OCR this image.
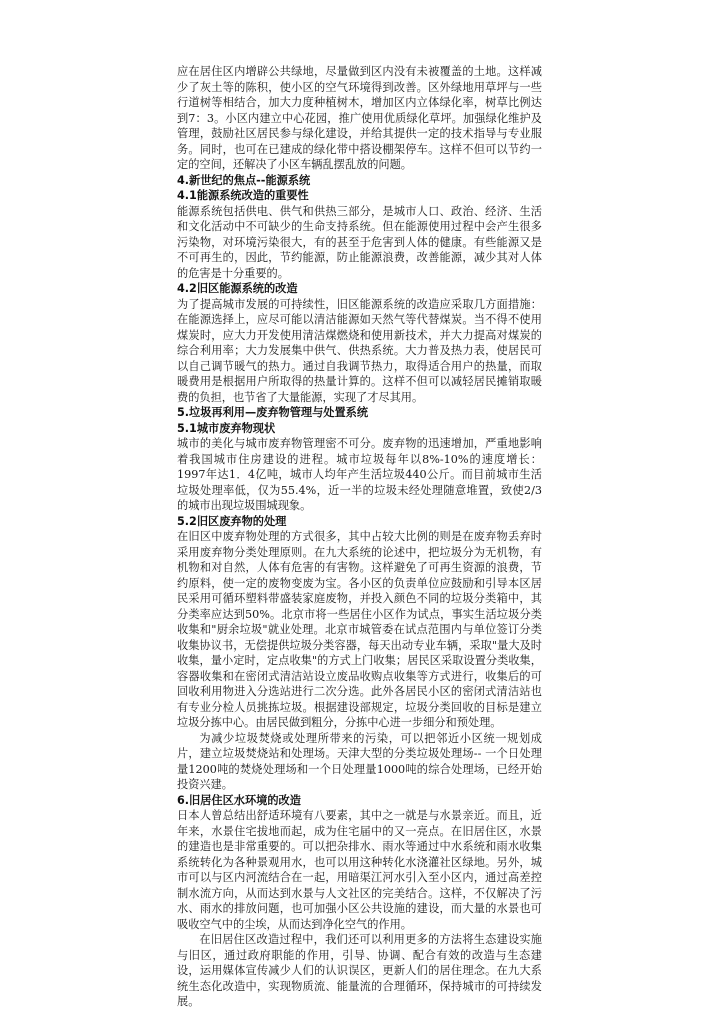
应在居住区内增辟公共绿地，尽量做到区内没有未被覆盖的土地。这样减少了灰土等的陈积，使小区的空气环境得到改善。区外绿地用草坪与一些行道树等相结合，加大力度种植树木，增加区内立体绿化率，树草比例达到7：3。小区内建立中心花园，推广使用优质绿化草坪。加强绿化维护及管理，鼓励社区居民参与绿化建设，并给其提供一定的技术指导与专业服务。同时，也可在已建成的绿化带中搭设棚架停车。这样不但可以节约一定的空间，还解决了小区车辆乱摆乱放的问题。

4.新世纪的焦点--能源系统
4.1能源系统改造的重要性

能源系统包括供电、供气和供热三部分，是城市人口、政治、经济、生活和文化活动中不可缺少的生命支持系统。但在能源使用过程中会产生很多污染物，对环境污染很大，有的甚至于危害到人体的健康。有些能源又是不可再生的，因此，节约能源，防止能源浪费，改善能源，减少其对人体的危害是十分重要的。

4.2旧区能源系统的改造

为了提高城市发展的可持续性，旧区能源系统的改造应采取几方面措施：在能源选择上，应尽可能以清洁能源如天然气等代替煤炭。当不得不使用煤炭时，应大力开发使用清洁煤燃烧和使用新技术，并大力提高对煤炭的综合利用率；大力发展集中供气、供热系统。大力普及热力表，使居民可以自己调节暖气的热力。通过自我调节热力，取得适合用户的热量，而取暖费用是根据用户所取得的热量计算的。这样不但可以减轻居民摊销取暖费的负担，也节省了大量能源，实现了才尽其用。

5.垃圾再利用—废弃物管理与处置系统
5.1城市废弃物现状

城市的美化与城市废弃物管理密不可分。废弃物的迅速增加，严重地影响着我国城市住房建设的进程。城市垃圾每年以8%-10%的速度增长：1997年达1．4亿吨，城市人均年产生活垃圾440公斤。而目前城市生活垃圾处理率低，仅为55.4%，近一半的垃圾未经处理随意堆置，致使2/3的城市出现垃圾围城现象。

5.2旧区废弃物的处理

在旧区中废弃物处理的方式很多，其中占较大比例的则是在废弃物丢弃时采用废弃物分类处理原则。在九大系统的论述中，把垃圾分为无机物，有机物和对自然，人体有危害的有害物。这样避免了可再生资源的浪费，节约原料，使一定的废物变废为宝。各小区的负责单位应鼓励和引导本区居民采用可循环塑料带盛装家庭废物，并投入颜色不同的垃圾分类箱中，其分类率应达到50%。北京市将一些居住小区作为试点，事实生活垃圾分类收集和"厨余垃圾"就业处理。北京市城管委在试点范围内与单位签订分类收集协议书，无偿提供垃圾分类容器，每天出动专业车辆，采取"量大及时收集，量小定时，定点收集"的方式上门收集；居民区采取设置分类收集，容器收集和在密闭式清洁站设立废品收购点收集等方式进行，收集后的可回收利用物进入分选站进行二次分选。此外各居民小区的密闭式清洁站也有专业分检人员挑拣垃圾。根据建设部规定，垃圾分类回收的目标是建立垃圾分拣中心。由居民做到粗分，分拣中心进一步细分和预处理。

为减少垃圾焚烧或处理所带来的污染，可以把邻近小区统一规划成片，建立垃圾焚烧站和处理场。天津大型的分类垃圾处理场-- 一个日处理量1200吨的焚烧处理场和一个日处理量1000吨的综合处理场，已经开始投资兴建。

6.旧居住区水环境的改造

日本人曾总结出舒适环境有八要素，其中之一就是与水景亲近。而且，近年来，水景住宅拔地而起，成为住宅届中的又一亮点。在旧居住区，水景的建造也是非常重要的。可以把杂排水、雨水等通过中水系统和雨水收集系统转化为各种景观用水，也可以用这种转化水浇灌社区绿地。另外，城市可以与区内河流结合在一起，用暗渠江河水引入至小区内，通过高差控制水流方向，从而达到水景与人文社区的完美结合。这样，不仅解决了污水、雨水的排放问题，也可加强小区公共设施的建设，而大量的水景也可吸收空气中的尘埃，从而达到净化空气的作用。

在旧居住区改造过程中，我们还可以利用更多的方法将生态建设实施与旧区，通过政府职能的作用，引导、协调、配合有效的改造与生态建设，运用媒体宣传减少人们的认识误区，更新人们的居住理念。在九大系统生态化改造中，实现物质流、能量流的合理循环，保持城市的可持续发展。
